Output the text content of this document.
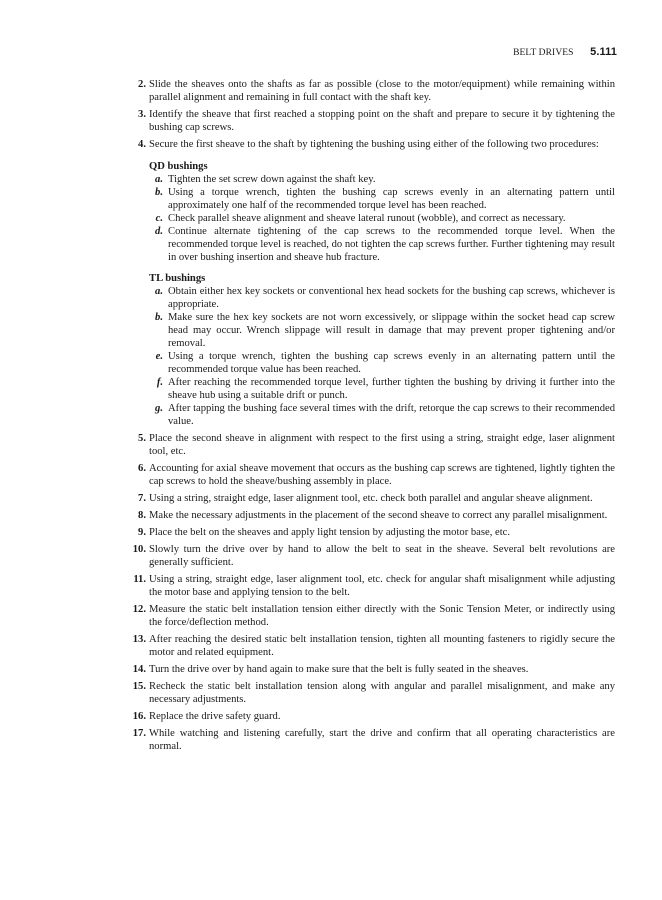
BELT DRIVES 5.111
2. Slide the sheaves onto the shafts as far as possible (close to the motor/equipment) while remaining within parallel alignment and remaining in full contact with the shaft key.
3. Identify the sheave that first reached a stopping point on the shaft and prepare to secure it by tightening the bushing cap screws.
4. Secure the first sheave to the shaft by tightening the bushing using either of the following two procedures:
QD bushings
a. Tighten the set screw down against the shaft key.
b. Using a torque wrench, tighten the bushing cap screws evenly in an alternating pattern until approximately one half of the recommended torque level has been reached.
c. Check parallel sheave alignment and sheave lateral runout (wobble), and correct as necessary.
d. Continue alternate tightening of the cap screws to the recommended torque level. When the recommended torque level is reached, do not tighten the cap screws further. Further tightening may result in over bushing insertion and sheave hub fracture.
TL bushings
a. Obtain either hex key sockets or conventional hex head sockets for the bushing cap screws, whichever is appropriate.
b. Make sure the hex key sockets are not worn excessively, or slippage within the socket head cap screw head may occur. Wrench slippage will result in damage that may prevent proper tightening and/or removal.
e. Using a torque wrench, tighten the bushing cap screws evenly in an alternating pattern until the recommended torque value has been reached.
f. After reaching the recommended torque level, further tighten the bushing by driving it further into the sheave hub using a suitable drift or punch.
g. After tapping the bushing face several times with the drift, retorque the cap screws to their recommended value.
5. Place the second sheave in alignment with respect to the first using a string, straight edge, laser alignment tool, etc.
6. Accounting for axial sheave movement that occurs as the bushing cap screws are tightened, lightly tighten the cap screws to hold the sheave/bushing assembly in place.
7. Using a string, straight edge, laser alignment tool, etc. check both parallel and angular sheave alignment.
8. Make the necessary adjustments in the placement of the second sheave to correct any parallel misalignment.
9. Place the belt on the sheaves and apply light tension by adjusting the motor base, etc.
10. Slowly turn the drive over by hand to allow the belt to seat in the sheave. Several belt revolutions are generally sufficient.
11. Using a string, straight edge, laser alignment tool, etc. check for angular shaft misalignment while adjusting the motor base and applying tension to the belt.
12. Measure the static belt installation tension either directly with the Sonic Tension Meter, or indirectly using the force/deflection method.
13. After reaching the desired static belt installation tension, tighten all mounting fasteners to rigidly secure the motor and related equipment.
14. Turn the drive over by hand again to make sure that the belt is fully seated in the sheaves.
15. Recheck the static belt installation tension along with angular and parallel misalignment, and make any necessary adjustments.
16. Replace the drive safety guard.
17. While watching and listening carefully, start the drive and confirm that all operating characteristics are normal.
